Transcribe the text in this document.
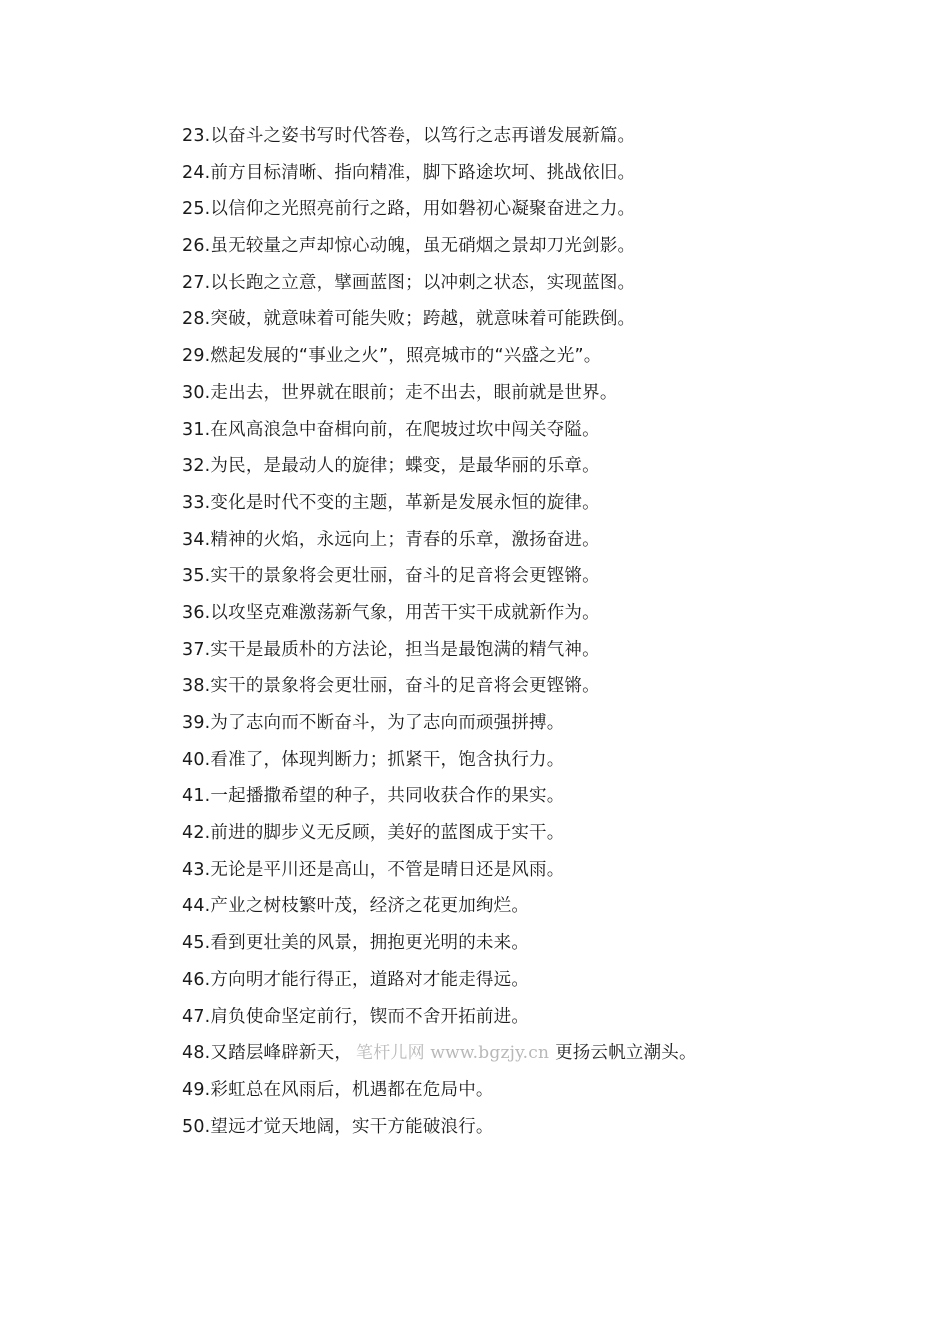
23.以奋斗之姿书写时代答卷，以笃行之志再谱发展新篇。
24.前方目标清晰、指向精准，脚下路途坎坷、挑战依旧。
25.以信仰之光照亮前行之路，用如磐初心凝聚奋进之力。
26.虽无较量之声却惊心动魄，虽无硝烟之景却刀光剑影。
27.以长跑之立意，擘画蓝图；以冲刺之状态，实现蓝图。
28.突破，就意味着可能失败；跨越，就意味着可能跌倒。
29.燃起发展的“事业之火”，照亮城市的“兴盛之光”。
30.走出去，世界就在眼前；走不出去，眼前就是世界。
31.在风高浪急中奋楫向前，在爬坡过坎中闯关夺隘。
32.为民，是最动人的旋律；蝶变，是最华丽的乐章。
33.变化是时代不变的主题，革新是发展永恒的旋律。
34.精神的火焰，永远向上；青春的乐章，激扬奋进。
35.实干的景象将会更壮丽，奋斗的足音将会更铿锵。
36.以攻坚克难激荡新气象，用苦干实干成就新作为。
37.实干是最质朴的方法论，担当是最饱满的精气神。
38.实干的景象将会更壮丽，奋斗的足音将会更铿锵。
39.为了志向而不断奋斗，为了志向而顽强拼搏。
40.看准了，体现判断力；抓紧干，饱含执行力。
41.一起播撒希望的种子，共同收获合作的果实。
42.前进的脚步义无反顾，美好的蓝图成于实干。
43.无论是平川还是高山，不管是晴日还是风雨。
44.产业之树枝繁叶茂，经济之花更加绚烂。
45.看到更壮美的风景，拥抱更光明的未来。
46.方向明才能行得正，道路对才能走得远。
47.肩负使命坚定前行，锲而不舍开拓前进。
48.又踏层峰辟新天， 笔杆儿网 www.bgzjy.cn 更扬云帆立潮头。
49.彩虹总在风雨后，机遇都在危局中。
50.望远才觉天地阔，实干方能破浪行。
